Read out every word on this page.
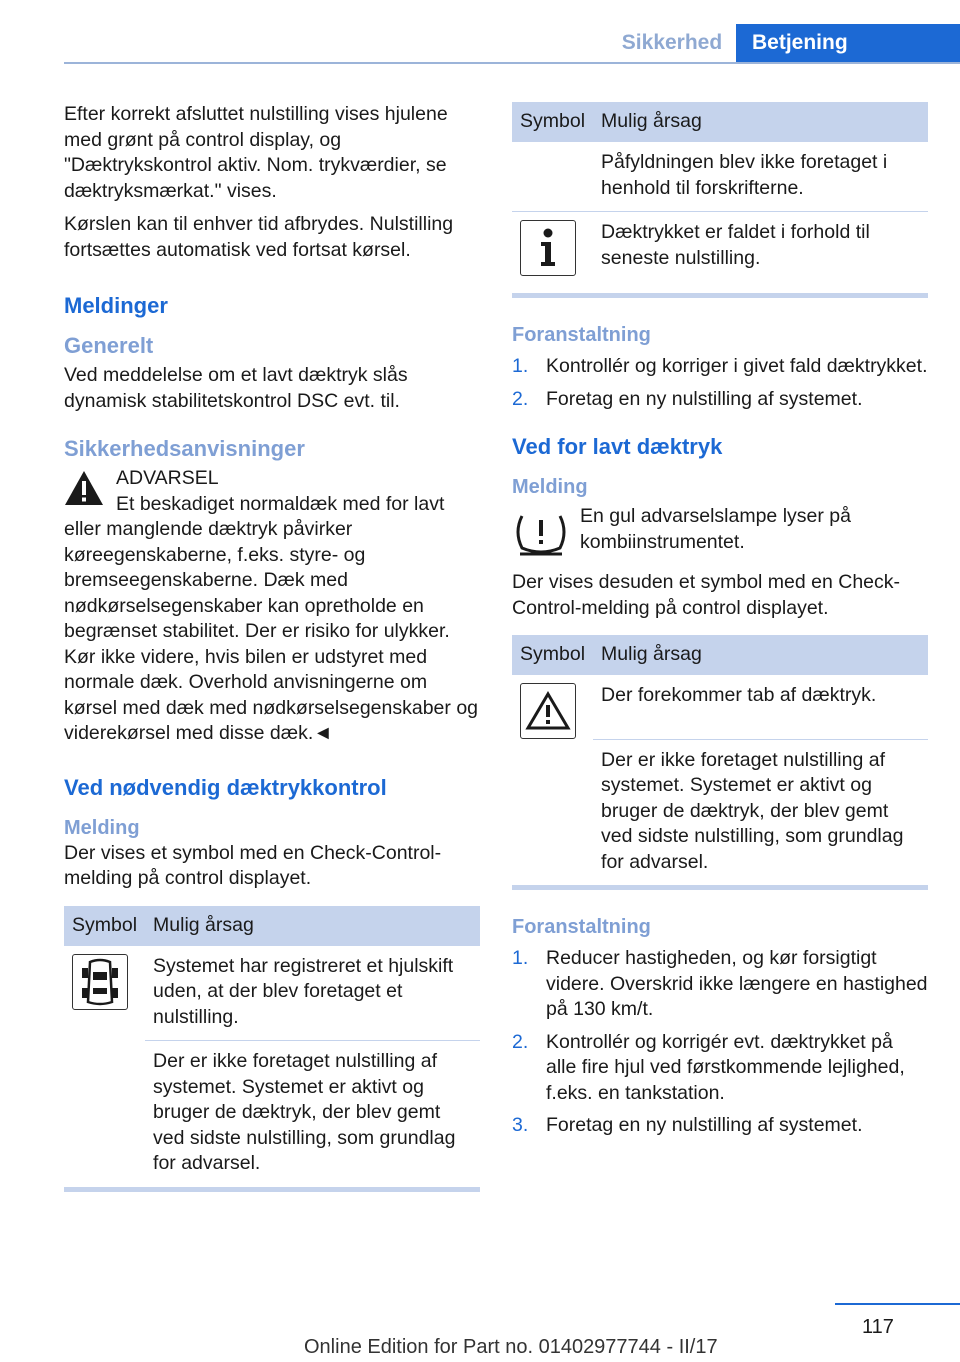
Sikkerhed	Betjening

Efter korrekt afsluttet nulstilling vises hjulene med grønt på control display, og "Dæktrykskontrol aktiv. Nom. trykværdier, se dæktryksmærkat." vises.

Kørslen kan til enhver tid afbrydes. Nulstilling fortsættes automatisk ved fortsat kørsel.

Meldinger
Generelt

Ved meddelelse om et lavt dæktryk slås dynamisk stabilitetskontrol DSC evt. til.

Sikkerhedsanvisninger

ADVARSEL

Et beskadiget normaldæk med for lavt eller manglende dæktryk påvirker køreegenskaberne, f.eks. styre- og bremseegenskaberne. Dæk med nødkørselsegenskaber kan opretholde en begrænset stabilitet. Der er risiko for ulykker. Kør ikke videre, hvis bilen er udstyret med normale dæk. Overhold anvisningerne om kørsel med dæk med nødkørselsegenskaber og viderekørsel med disse dæk.◄

Ved nødvendig dæktrykkontrol
Melding

Der vises et symbol med en Check-Control-melding på control displayet.

Symbol	Mulig årsag

	Systemet har registreret et hjulskift uden, at der blev foretaget et nulstilling.
	Der er ikke foretaget nulstilling af systemet. Systemet er aktivt og bruger de dæktryk, der blev gemt ved sidste nulstilling, som grundlag for advarsel.
Symbol	Mulig årsag
	Påfyldningen blev ikke foretaget i henhold til forskrifterne.

	Dæktrykket er faldet i forhold til seneste nulstilling.
Foranstaltning
1. Kontrollér og korriger i givet fald dæktrykket.
2. Foretag en ny nulstilling af systemet.
Ved for lavt dæktryk
Melding

En gul advarselslampe lyser på kombiinstrumentet.

Der vises desuden et symbol med en Check-Control-melding på control displayet.

Symbol	Mulig årsag

	Der forekommer tab af dæktryk.
	Der er ikke foretaget nulstilling af systemet. Systemet er aktivt og bruger de dæktryk, der blev gemt ved sidste nulstilling, som grundlag for advarsel.
Foranstaltning
1. Reducer hastigheden, og kør forsigtigt videre. Overskrid ikke længere en hastighed på 130 km/t.
2. Kontrollér og korrigér evt. dæktrykket på alle fire hjul ved førstkommende lejlighed, f.eks. en tankstation.
3. Foretag en ny nulstilling af systemet.
117
Online Edition for Part no. 01402977744 - II/17
